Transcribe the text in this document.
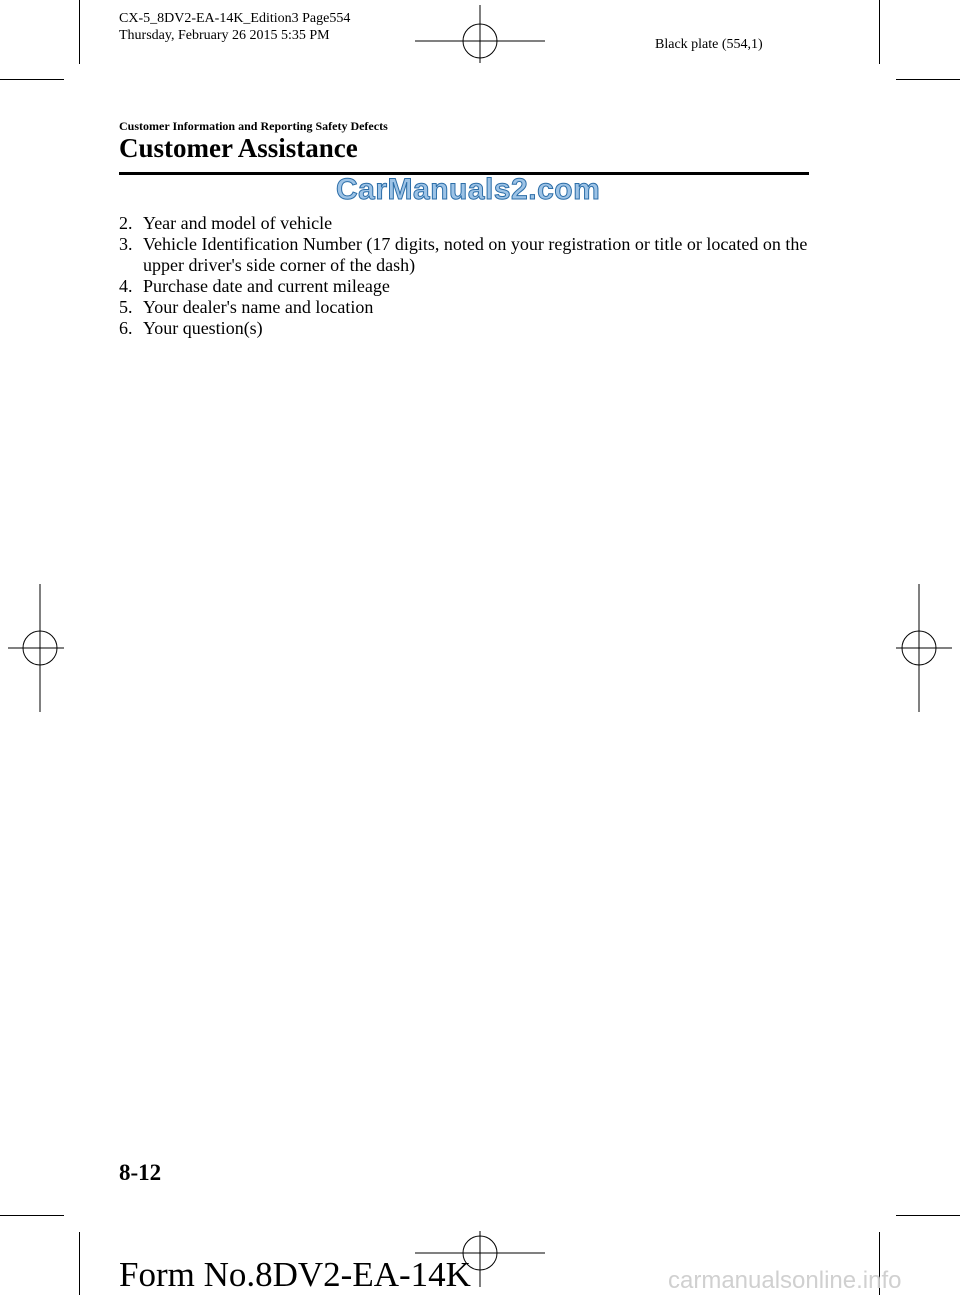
CX-5_8DV2-EA-14K_Edition3 Page554
Thursday, February 26 2015 5:35 PM
Black plate (554,1)
Customer Information and Reporting Safety Defects
Customer Assistance
CarManuals2.com
2. Year and model of vehicle
3. Vehicle Identification Number (17 digits, noted on your registration or title or located on the upper driver's side corner of the dash)
4. Purchase date and current mileage
5. Your dealer's name and location
6. Your question(s)
8-12
Form No.8DV2-EA-14K	carmanualsonline.info
